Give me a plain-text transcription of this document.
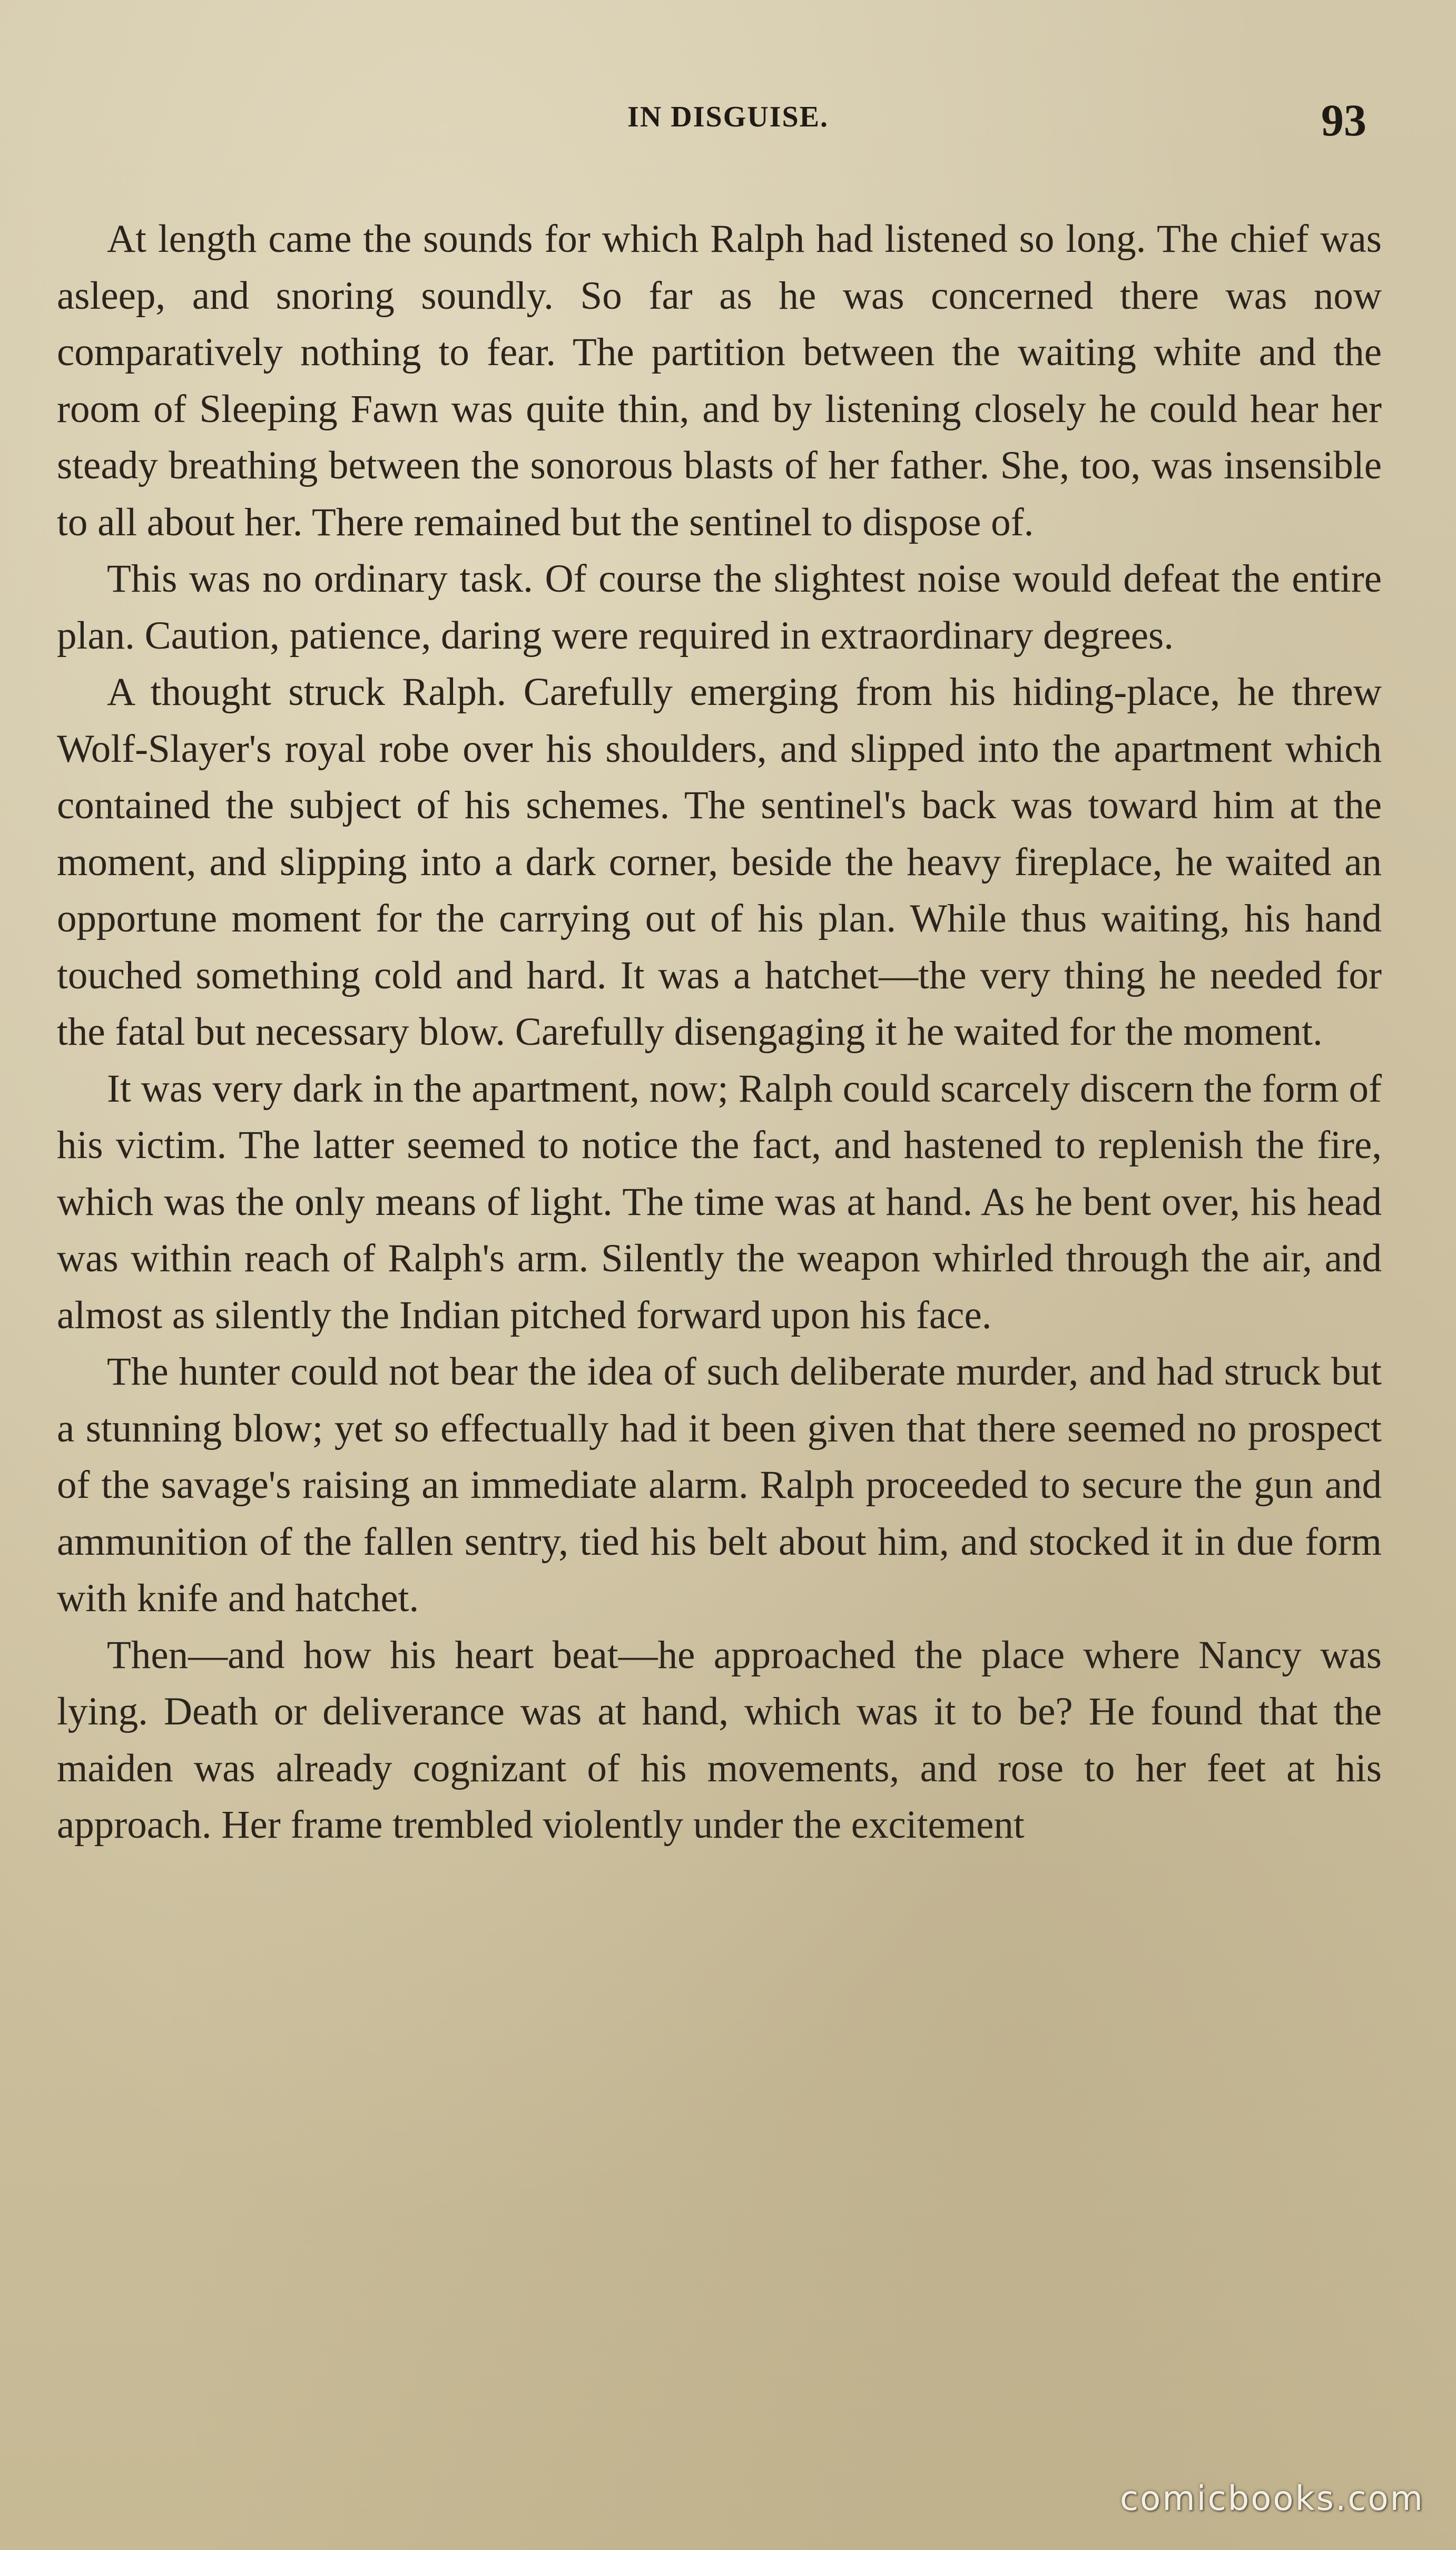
IN DISGUISE.	93

At length came the sounds for which Ralph had listened so long. The chief was asleep, and snoring soundly. So far as he was concerned there was now comparatively nothing to fear. The partition between the waiting white and the room of Sleeping Fawn was quite thin, and by listening closely he could hear her steady breathing between the sonorous blasts of her father. She, too, was insensible to all about her. There remained but the sentinel to dispose of.

This was no ordinary task. Of course the slightest noise would defeat the entire plan. Caution, patience, daring were required in extraordinary degrees.

A thought struck Ralph. Carefully emerging from his hiding-place, he threw Wolf-Slayer's royal robe over his shoulders, and slipped into the apartment which contained the subject of his schemes. The sentinel's back was toward him at the moment, and slipping into a dark corner, beside the heavy fireplace, he waited an opportune moment for the carrying out of his plan. While thus waiting, his hand touched something cold and hard. It was a hatchet—the very thing he needed for the fatal but necessary blow. Carefully disengaging it he waited for the moment.

It was very dark in the apartment, now; Ralph could scarcely discern the form of his victim. The latter seemed to notice the fact, and hastened to replenish the fire, which was the only means of light. The time was at hand. As he bent over, his head was within reach of Ralph's arm. Silently the weapon whirled through the air, and almost as silently the Indian pitched forward upon his face.

The hunter could not bear the idea of such deliberate murder, and had struck but a stunning blow; yet so effectually had it been given that there seemed no prospect of the savage's raising an immediate alarm. Ralph proceeded to secure the gun and ammunition of the fallen sentry, tied his belt about him, and stocked it in due form with knife and hatchet.

Then—and how his heart beat—he approached the place where Nancy was lying. Death or deliverance was at hand, which was it to be? He found that the maiden was already cognizant of his movements, and rose to her feet at his approach. Her frame trembled violently under the excitement

comicbooks.com
